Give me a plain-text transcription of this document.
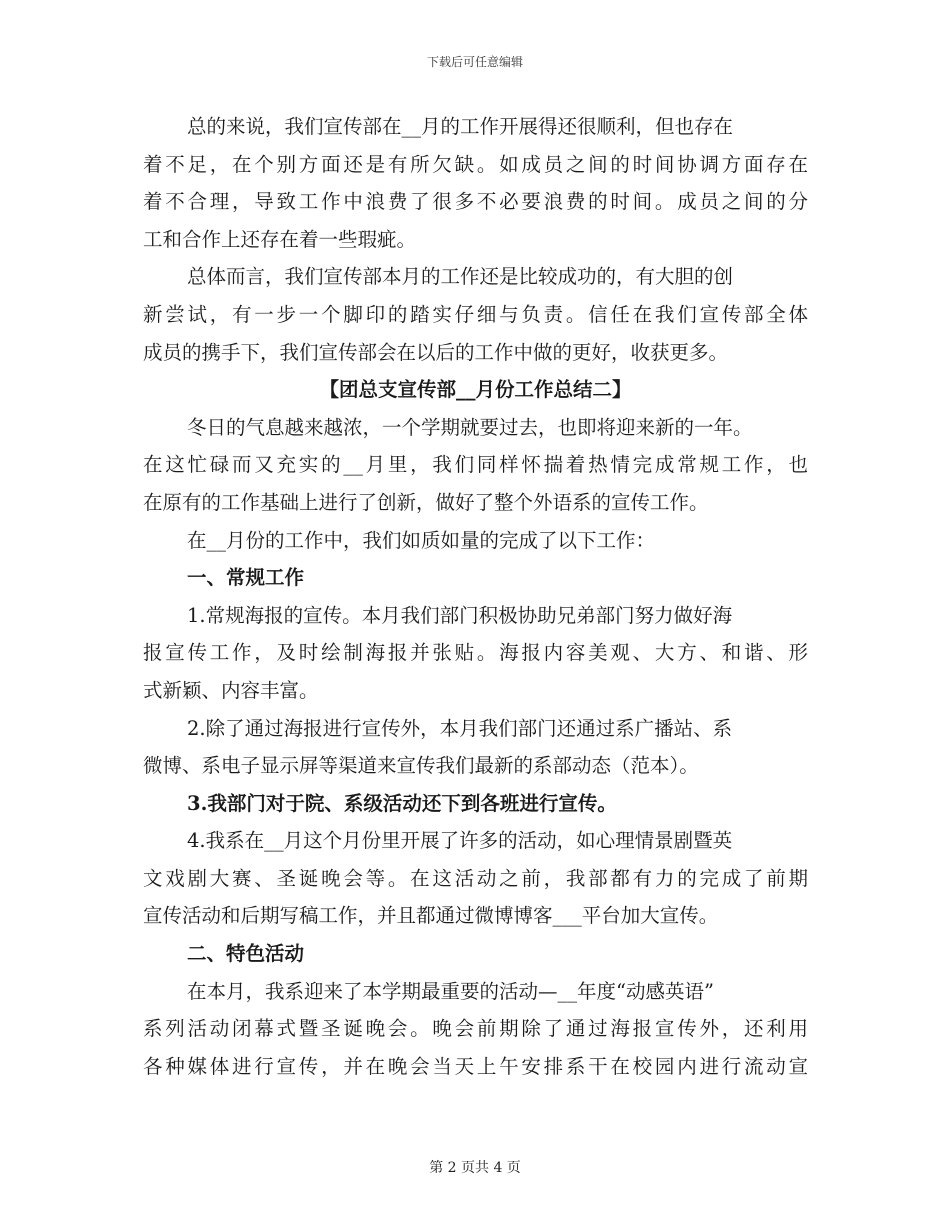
下载后可任意编辑
总的来说，我们宣传部在__月的工作开展得还很顺利，但也存在
着不足，在个别方面还是有所欠缺。如成员之间的时间协调方面存在
着不合理，导致工作中浪费了很多不必要浪费的时间。成员之间的分
工和合作上还存在着一些瑕疵。
总体而言，我们宣传部本月的工作还是比较成功的，有大胆的创
新尝试，有一步一个脚印的踏实仔细与负责。信任在我们宣传部全体
成员的携手下，我们宣传部会在以后的工作中做的更好，收获更多。
【团总支宣传部__月份工作总结二】
冬日的气息越来越浓，一个学期就要过去，也即将迎来新的一年。
在这忙碌而又充实的__月里，我们同样怀揣着热情完成常规工作，也
在原有的工作基础上进行了创新，做好了整个外语系的宣传工作。
在__月份的工作中，我们如质如量的完成了以下工作：
一、常规工作
1.常规海报的宣传。本月我们部门积极协助兄弟部门努力做好海
报宣传工作，及时绘制海报并张贴。海报内容美观、大方、和谐、形
式新颖、内容丰富。
2.除了通过海报进行宣传外，本月我们部门还通过系广播站、系
微博、系电子显示屏等渠道来宣传我们最新的系部动态（范本）。
3.我部门对于院、系级活动还下到各班进行宣传。
4.我系在__月这个月份里开展了许多的活动，如心理情景剧暨英
文戏剧大赛、圣诞晚会等。在这活动之前，我部都有力的完成了前期
宣传活动和后期写稿工作，并且都通过微博博客___平台加大宣传。
二、特色活动
在本月，我系迎来了本学期最重要的活动—__年度“动感英语”
系列活动闭幕式暨圣诞晚会。晚会前期除了通过海报宣传外，还利用
各种媒体进行宣传，并在晚会当天上午安排系干在校园内进行流动宣
第 2 页共 4 页
